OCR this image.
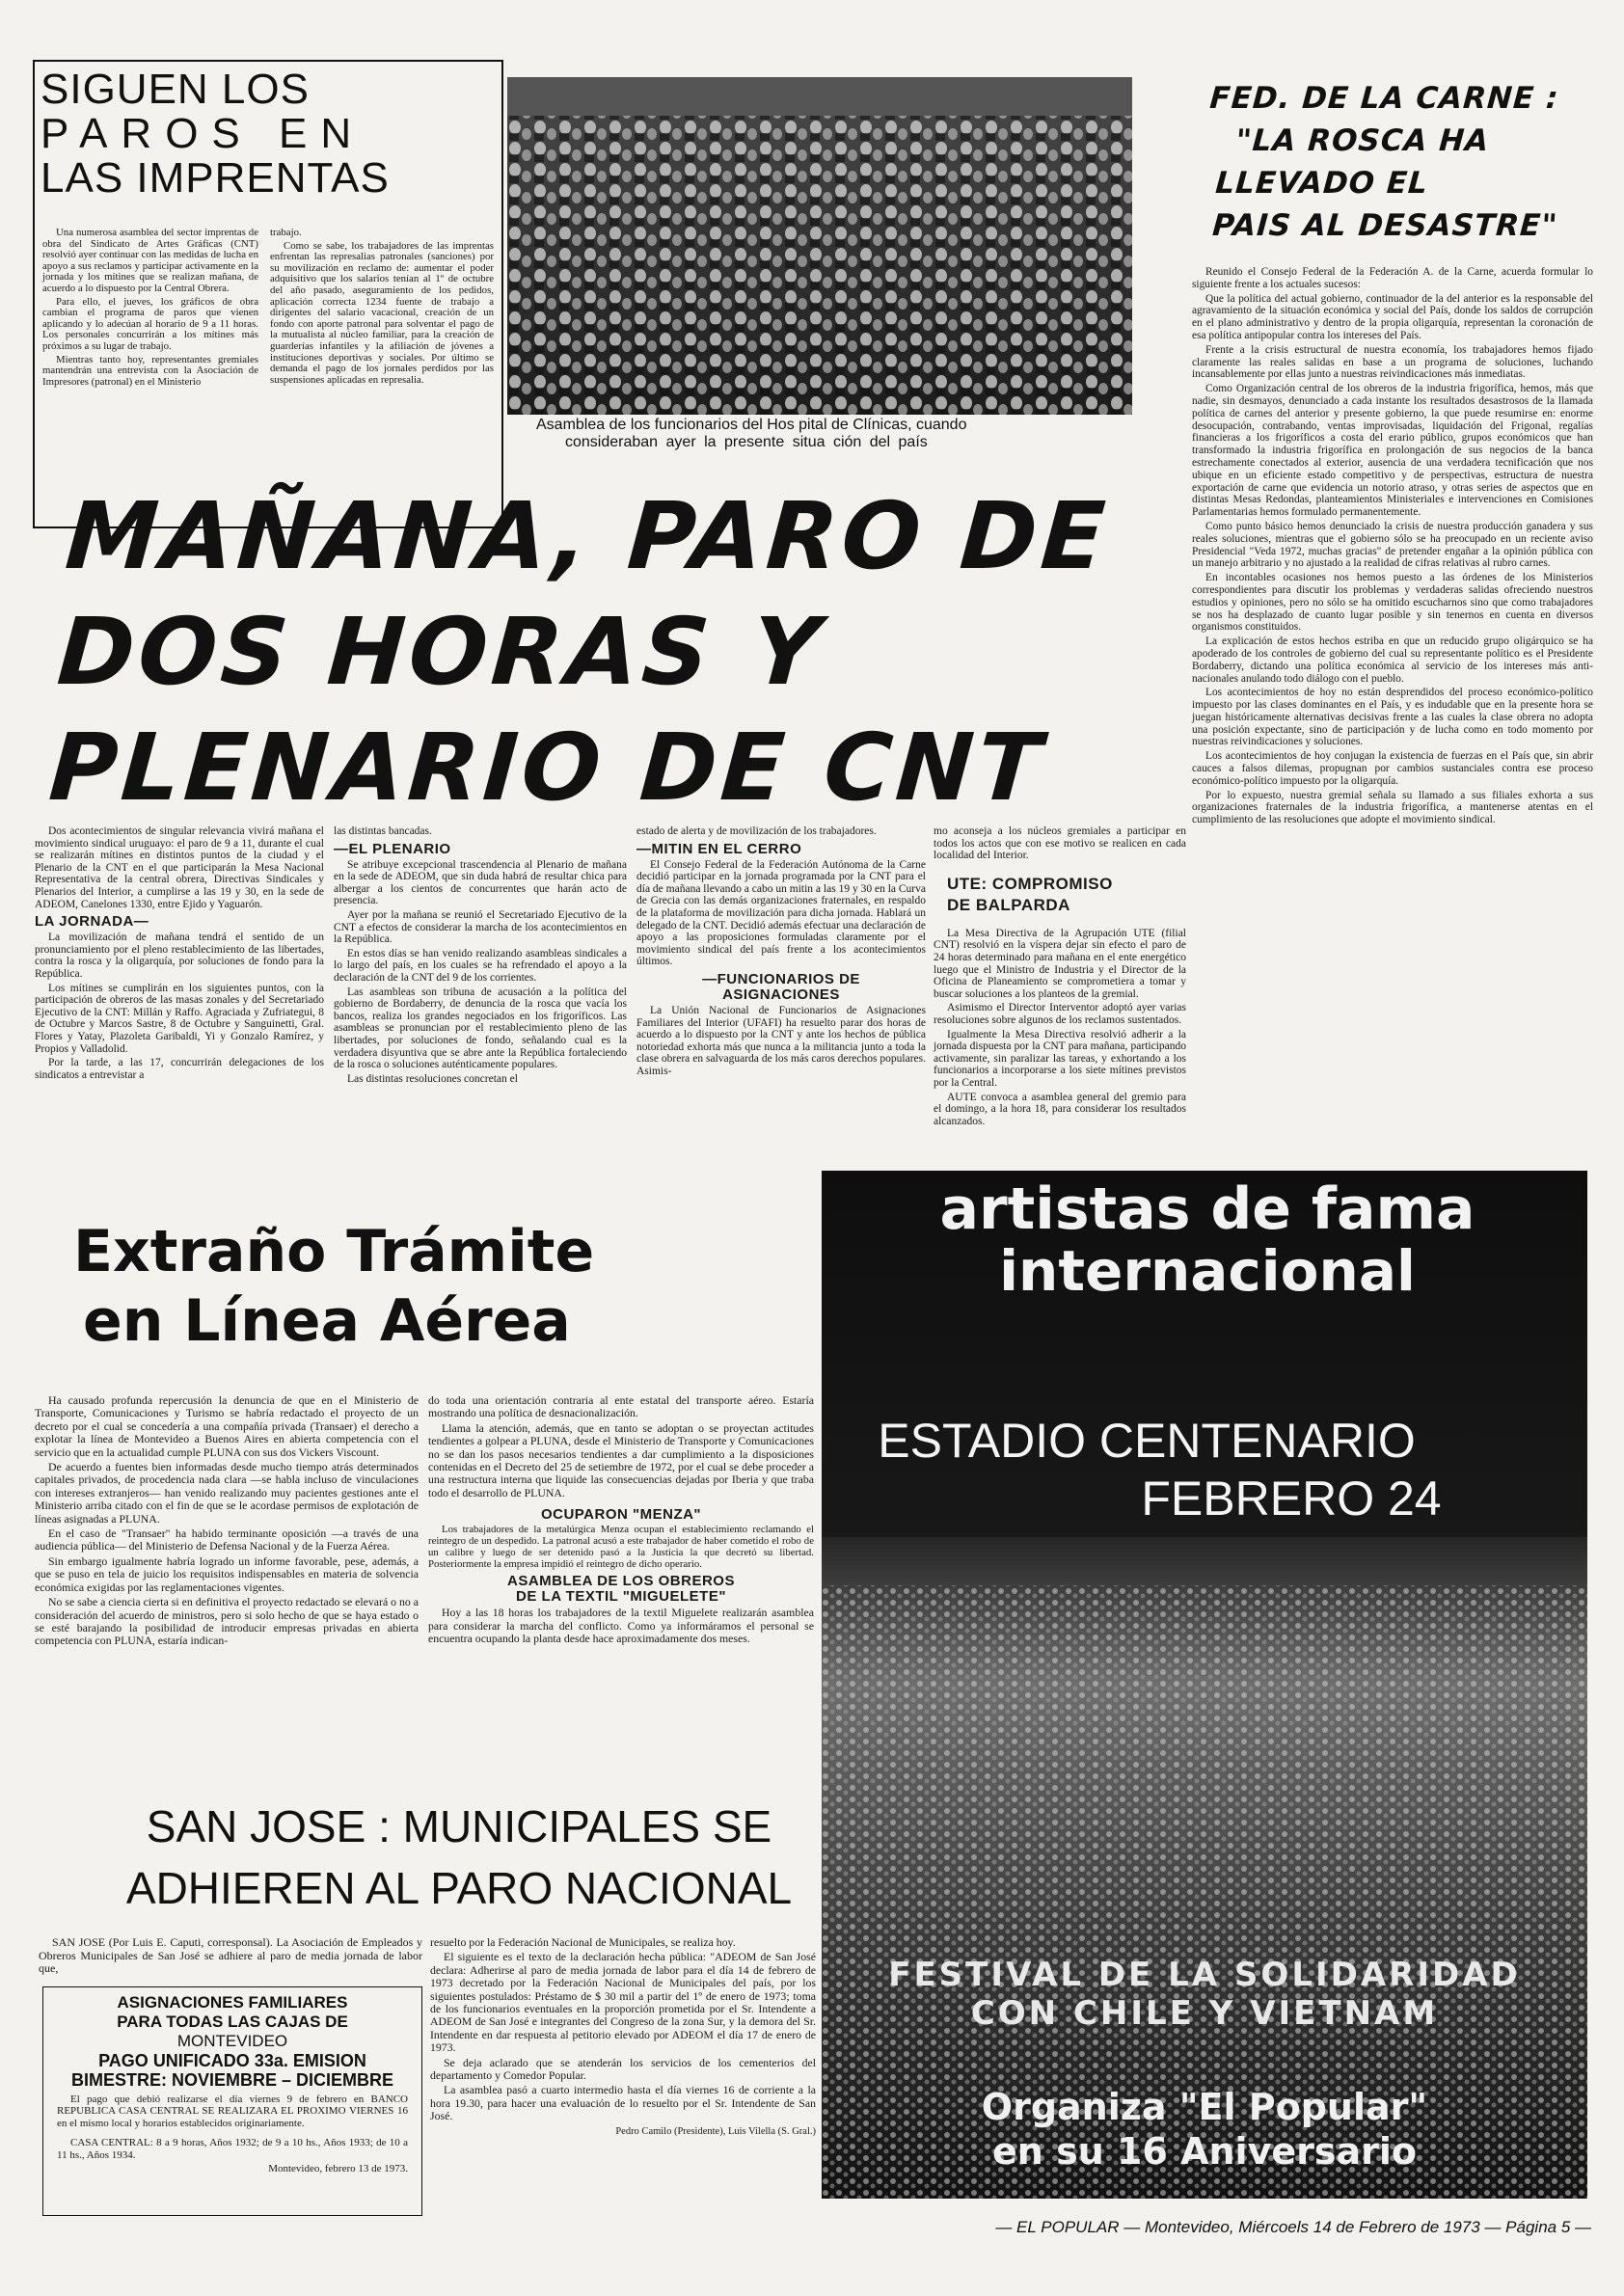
SIGUEN LOS
PAROS EN
LAS IMPRENTAS

Una numerosa asamblea del sector imprentas de obra del Sindicato de Artes Gráficas (CNT) resolvió ayer continuar con las medidas de lucha en apoyo a sus reclamos y participar activamente en la jornada y los mítines que se realizan mañana, de acuerdo a lo dispuesto por la Central Obrera.

Para ello, el jueves, los gráficos de obra cambian el programa de paros que vienen aplicando y lo adecúan al horario de 9 a 11 horas. Los personales concurrirán a los mítines más próximos a su lugar de trabajo.

Mientras tanto hoy, representantes gremiales mantendrán una entrevista con la Asociación de Impresores (patronal) en el Ministerio

trabajo.

Como se sabe, los trabajadores de las imprentas enfrentan las represalias patronales (sanciones) por su movilización en reclamo de: aumentar el poder adquisitivo que los salarios tenían al 1º de octubre del año pasado, aseguramiento de los pedidos, aplicación correcta 1234 fuente de trabajo a dirigentes del salario vacacional, creación de un fondo con aporte patronal para solventar el pago de la mutualista al núcleo familiar, para la creación de guarderías infantiles y la afiliación de jóvenes a instituciones deportivas y sociales. Por último se demanda el pago de los jornales perdidos por las suspensiones aplicadas en represalia.

Asamblea de los funcionarios del Hos pital de Clínicas, cuando
consideraban ayer la presente situa ción del país
FED. DE LA CARNE :
"LA ROSCA HA
LLEVADO EL
PAIS AL DESASTRE"

Reunido el Consejo Federal de la Federación A. de la Carne, acuerda formular lo siguiente frente a los actuales sucesos:

Que la política del actual gobierno, continuador de la del anterior es la responsable del agravamiento de la situación económica y social del País, donde los saldos de corrupción en el plano administrativo y dentro de la propia oligarquía, representan la coronación de esa política antipopular contra los intereses del País.

Frente a la crisis estructural de nuestra economía, los trabajadores hemos fijado claramente las reales salidas en base a un programa de soluciones, luchando incansablemente por ellas junto a nuestras reivindicaciones más inmediatas.

Como Organización central de los obreros de la industria frigorífica, hemos, más que nadie, sin desmayos, denunciado a cada instante los resultados desastrosos de la llamada política de carnes del anterior y presente gobierno, la que puede resumirse en: enorme desocupación, contrabando, ventas improvisadas, liquidación del Frigonal, regalías financieras a los frigoríficos a costa del erario público, grupos económicos que han transformado la industria frigorífica en prolongación de sus negocios de la banca estrechamente conectados al exterior, ausencia de una verdadera tecnificación que nos ubique en un eficiente estado competitivo y de perspectivas, estructura de nuestra exportación de carne que evidencia un notorio atraso, y otras series de aspectos que en distintas Mesas Redondas, planteamientos Ministeriales e intervenciones en Comisiones Parlamentarias hemos formulado permanentemente.

Como punto básico hemos denunciado la crisis de nuestra producción ganadera y sus reales soluciones, mientras que el gobierno sólo se ha preocupado en un reciente aviso Presidencial "Veda 1972, muchas gracias" de pretender engañar a la opinión pública con un manejo arbitrario y no ajustado a la realidad de cifras relativas al rubro carnes.

En incontables ocasiones nos hemos puesto a las órdenes de los Ministerios correspondientes para discutir los problemas y verdaderas salidas ofreciendo nuestros estudios y opiniones, pero no sólo se ha omitido escucharnos sino que como trabajadores se nos ha desplazado de cuanto lugar posible y sin tenernos en cuenta en diversos organismos constituidos.

La explicación de estos hechos estriba en que un reducido grupo oligárquico se ha apoderado de los controles de gobierno del cual su representante político es el Presidente Bordaberry, dictando una política económica al servicio de los intereses más anti-nacionales anulando todo diálogo con el pueblo.

Los acontecimientos de hoy no están desprendidos del proceso económico-político impuesto por las clases dominantes en el País, y es indudable que en la presente hora se juegan históricamente alternativas decisivas frente a las cuales la clase obrera no adopta una posición expectante, sino de participación y de lucha como en todo momento por nuestras reivindicaciones y soluciones.

Los acontecimientos de hoy conjugan la existencia de fuerzas en el País que, sin abrir cauces a falsos dilemas, propugnan por cambios sustanciales contra ese proceso económico-político impuesto por la oligarquía.

Por lo expuesto, nuestra gremial señala su llamado a sus filiales exhorta a sus organizaciones fraternales de la industria frigorífica, a mantenerse atentas en el cumplimiento de las resoluciones que adopte el movimiento sindical.

MAÑANA, PARO DE
DOS HORAS Y
PLENARIO DE CNT

Dos acontecimientos de singular relevancia vivirá mañana el movimiento sindical uruguayo: el paro de 9 a 11, durante el cual se realizarán mítines en distintos puntos de la ciudad y el Plenario de la CNT en el que participarán la Mesa Nacional Representativa de la central obrera, Directivas Sindicales y Plenarios del Interior, a cumplirse a las 19 y 30, en la sede de ADEOM, Canelones 1330, entre Ejido y Yaguarón.

LA JORNADA—

La movilización de mañana tendrá el sentido de un pronunciamiento por el pleno restablecimiento de las libertades, contra la rosca y la oligarquía, por soluciones de fondo para la República.

Los mítines se cumplirán en los siguientes puntos, con la participación de obreros de las masas zonales y del Secretariado Ejecutivo de la CNT: Millán y Raffo. Agraciada y Zufriategui, 8 de Octubre y Marcos Sastre, 8 de Octubre y Sanguinetti, Gral. Flores y Yatay, Plazoleta Garibaldi, Yi y Gonzalo Ramírez, y Propios y Valladolid.

Por la tarde, a las 17, concurrirán delegaciones de los sindicatos a entrevistar a

las distintas bancadas.

—EL PLENARIO

Se atribuye excepcional trascendencia al Plenario de mañana en la sede de ADEOM, que sin duda habrá de resultar chica para albergar a los cientos de concurrentes que harán acto de presencia.

Ayer por la mañana se reunió el Secretariado Ejecutivo de la CNT a efectos de considerar la marcha de los acontecimientos en la República.

En estos días se han venido realizando asambleas sindicales a lo largo del país, en los cuales se ha refrendado el apoyo a la declaración de la CNT del 9 de los corrientes.

Las asambleas son tribuna de acusación a la política del gobierno de Bordaberry, de denuncia de la rosca que vacía los bancos, realiza los grandes negociados en los frigoríficos. Las asambleas se pronuncian por el restablecimiento pleno de las libertades, por soluciones de fondo, señalando cual es la verdadera disyuntiva que se abre ante la República fortaleciendo de la rosca o soluciones auténticamente populares.

Las distintas resoluciones concretan el

estado de alerta y de movilización de los trabajadores.

—MITIN EN EL CERRO

El Consejo Federal de la Federación Autónoma de la Carne decidió participar en la jornada programada por la CNT para el día de mañana llevando a cabo un mitin a las 19 y 30 en la Curva de Grecia con las demás organizaciones fraternales, en respaldo de la plataforma de movilización para dicha jornada. Hablará un delegado de la CNT. Decidió además efectuar una declaración de apoyo a las proposiciones formuladas claramente por el movimiento sindical del país frente a los acontecimientos últimos.

—FUNCIONARIOS DE
ASIGNACIONES

La Unión Nacional de Funcionarios de Asignaciones Familiares del Interior (UFAFI) ha resuelto parar dos horas de acuerdo a lo dispuesto por la CNT y ante los hechos de pública notoriedad exhorta más que nunca a la militancia junto a toda la clase obrera en salvaguarda de los más caros derechos populares. Asimis-

mo aconseja a los núcleos gremiales a participar en todos los actos que con ese motivo se realicen en cada localidad del Interior.

UTE: COMPROMISO
DE BALPARDA

La Mesa Directiva de la Agrupación UTE (filial CNT) resolvió en la víspera dejar sin efecto el paro de 24 horas determinado para mañana en el ente energético luego que el Ministro de Industria y el Director de la Oficina de Planeamiento se comprometiera a tomar y buscar soluciones a los planteos de la gremial.

Asimismo el Director Interventor adoptó ayer varias resoluciones sobre algunos de los reclamos sustentados.

Igualmente la Mesa Directiva resolvió adherir a la jornada dispuesta por la CNT para mañana, participando activamente, sin paralizar las tareas, y exhortando a los funcionarios a incorporarse a los siete mítines previstos por la Central.

AUTE convoca a asamblea general del gremio para el domingo, a la hora 18, para considerar los resultados alcanzados.

Extraño Trámite
en Línea Aérea

Ha causado profunda repercusión la denuncia de que en el Ministerio de Transporte, Comunicaciones y Turismo se habría redactado el proyecto de un decreto por el cual se concedería a una compañía privada (Transaer) el derecho a explotar la línea de Montevideo a Buenos Aires en abierta competencia con el servicio que en la actualidad cumple PLUNA con sus dos Vickers Viscount.

De acuerdo a fuentes bien informadas desde mucho tiempo atrás determinados capitales privados, de procedencia nada clara —se habla incluso de vinculaciones con intereses extranjeros— han venido realizando muy pacientes gestiones ante el Ministerio arriba citado con el fin de que se le acordase permisos de explotación de líneas asignadas a PLUNA.

En el caso de "Transaer" ha habido terminante oposición —a través de una audiencia pública— del Ministerio de Defensa Nacional y de la Fuerza Aérea.

Sin embargo igualmente habría logrado un informe favorable, pese, además, a que se puso en tela de juicio los requisitos indispensables en materia de solvencia económica exigidas por las reglamentaciones vigentes.

No se sabe a ciencia cierta si en definitiva el proyecto redactado se elevará o no a consideración del acuerdo de ministros, pero si solo hecho de que se haya estado o se esté barajando la posibilidad de introducir empresas privadas en abierta competencia con PLUNA, estaría indican-

do toda una orientación contraria al ente estatal del transporte aéreo. Estaría mostrando una política de desnacionalización.

Llama la atención, además, que en tanto se adoptan o se proyectan actitudes tendientes a golpear a PLUNA, desde el Ministerio de Transporte y Comunicaciones no se dan los pasos necesarios tendientes a dar cumplimiento a la disposiciones contenidas en el Decreto del 25 de setiembre de 1972, por el cual se debe proceder a una restructura interna que liquide las consecuencias dejadas por Iberia y que traba todo el desarrollo de PLUNA.

OCUPARON "MENZA"

Los trabajadores de la metalúrgica Menza ocupan el establecimiento reclamando el reintegro de un despedido. La patronal acusó a este trabajador de haber cometido el robo de un calibre y luego de ser detenido pasó a la Justicia la que decretó su libertad. Posteriormente la empresa impidió el reintegro de dicho operario.

ASAMBLEA DE LOS OBREROS
DE LA TEXTIL "MIGUELETE"

Hoy a las 18 horas los trabajadores de la textil Miguelete realizarán asamblea para considerar la marcha del conflicto. Como ya informáramos el personal se encuentra ocupando la planta desde hace aproximadamente dos meses.

SAN JOSE : MUNICIPALES SE
ADHIEREN AL PARO NACIONAL

SAN JOSE (Por Luis E. Caputi, corresponsal). La Asociación de Empleados y Obreros Municipales de San José se adhiere al paro de media jornada de labor que,

resuelto por la Federación Nacional de Municipales, se realiza hoy.

El siguiente es el texto de la declaración hecha pública: "ADEOM de San José declara: Adherirse al paro de media jornada de labor para el día 14 de febrero de 1973 decretado por la Federación Nacional de Municipales del país, por los siguientes postulados: Préstamo de $ 30 mil a partir del 1º de enero de 1973; toma de los funcionarios eventuales en la proporción prometida por el Sr. Intendente a ADEOM de San José e integrantes del Congreso de la zona Sur, y la demora del Sr. Intendente en dar respuesta al petitorio elevado por ADEOM el día 17 de enero de 1973.

Se deja aclarado que se atenderán los servicios de los cementerios del departamento y Comedor Popular.

La asamblea pasó a cuarto intermedio hasta el día viernes 16 de corriente a la hora 19.30, para hacer una evaluación de lo resuelto por el Sr. Intendente de San José.

Pedro Camilo (Presidente), Luis Vilella (S. Gral.)
ASIGNACIONES FAMILIARES
PARA TODAS LAS CAJAS DE
MONTEVIDEO
PAGO UNIFICADO 33a. EMISION
BIMESTRE: NOVIEMBRE – DICIEMBRE

El pago que debió realizarse el día viernes 9 de febrero en BANCO REPUBLICA CASA CENTRAL SE REALIZARA EL PROXIMO VIERNES 16 en el mismo local y horarios establecidos originariamente.

CASA CENTRAL: 8 a 9 horas, Años 1932; de 9 a 10 hs., Años 1933; de 10 a 11 hs., Años 1934.

Montevideo, febrero 13 de 1973.
artistas de fama
internacional
ESTADIO CENTENARIO
FEBRERO 24
FESTIVAL DE LA SOLIDARIDAD
CON CHILE Y VIETNAM
Organiza "El Popular"
en su 16 Aniversario
— EL POPULAR — Montevideo, Miércoels 14 de Febrero de 1973 — Página 5 —
